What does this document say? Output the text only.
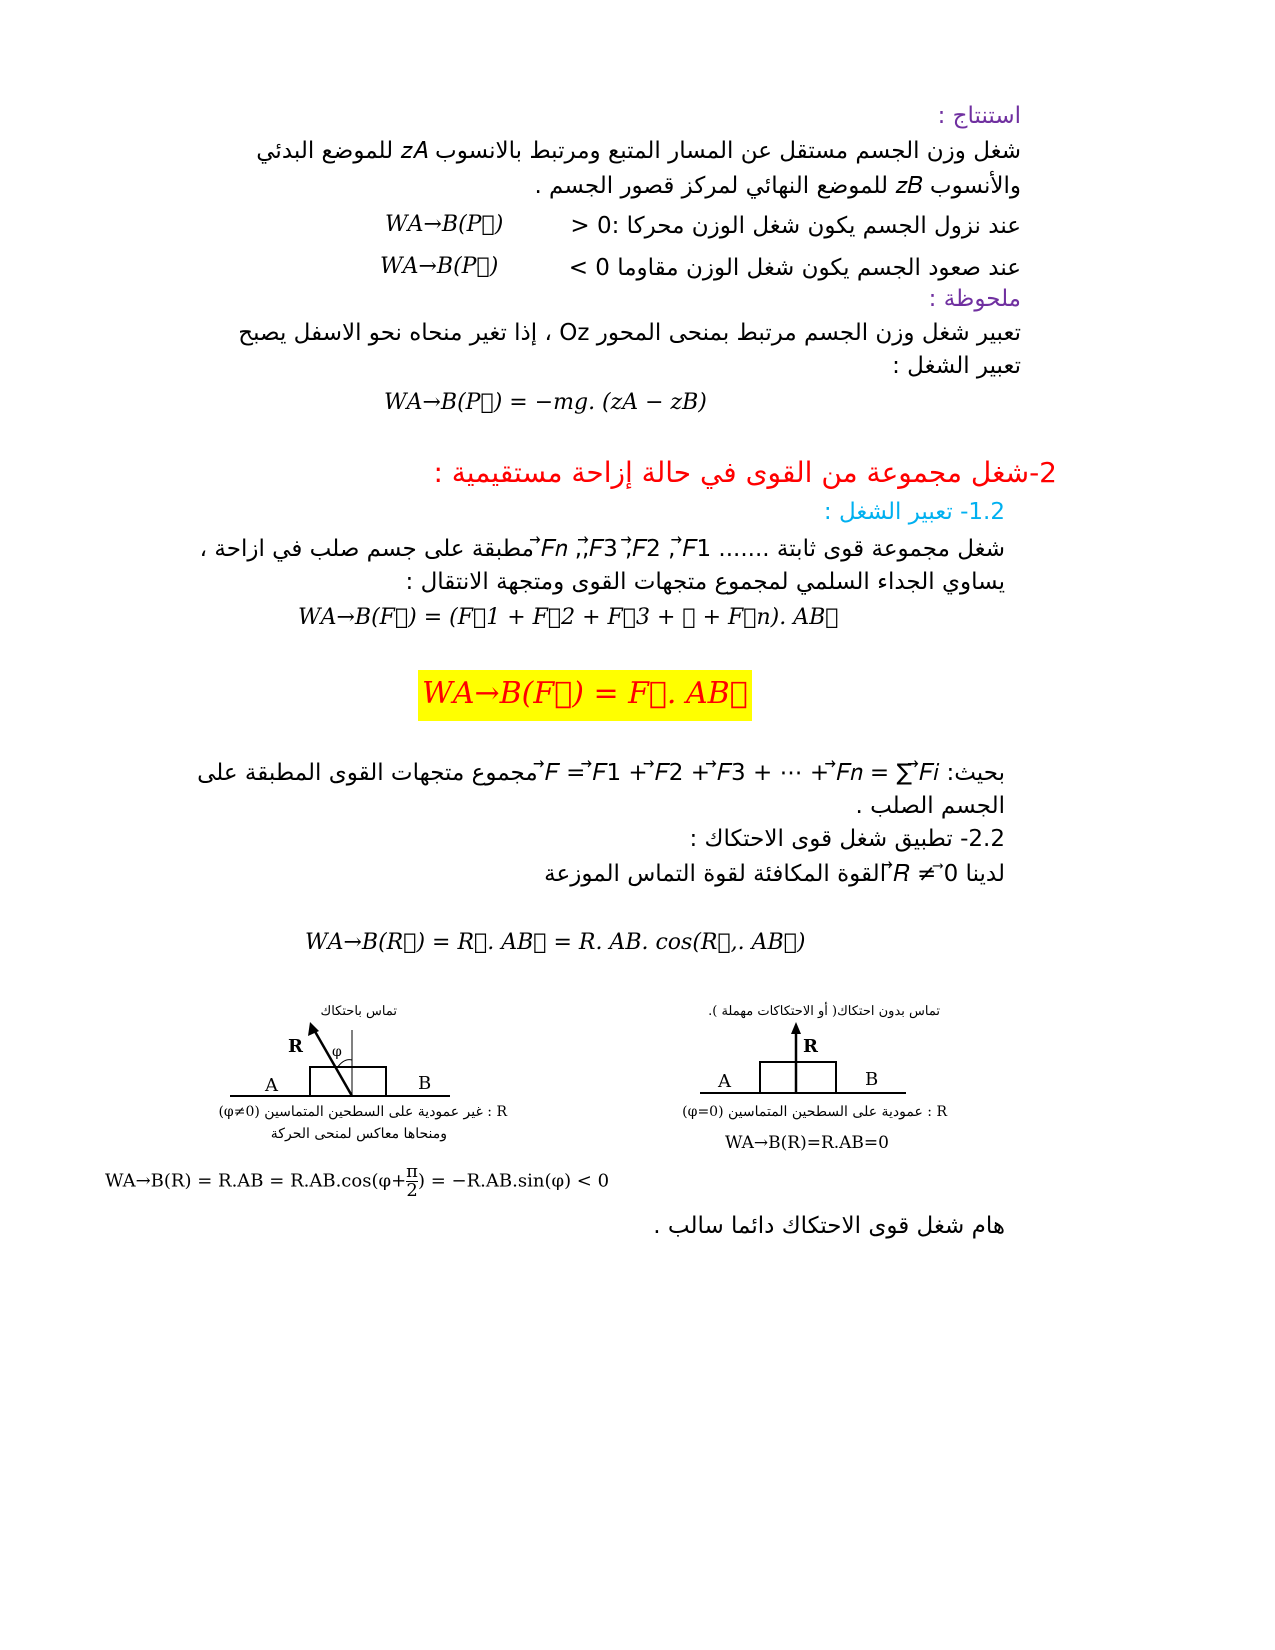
استنتاج :
شغل وزن الجسم مستقل عن المسار المتبع ومرتبط بالانسوب 𝑧𝐴 للموضع البدئي
والأنسوب 𝑧𝐵 للموضع النهائي لمركز قصور الجسم .
عند نزول الجسم يكون شغل الوزن محركا :0 <
𝑊𝐴→𝐵(𝑃⃗)
عند صعود الجسم يكون شغل الوزن مقاوما 0 >
𝑊𝐴→𝐵(𝑃⃗)
ملحوظة :
تعبير شغل وزن الجسم مرتبط بمنحى المحور Oz ، إذا تغير منحاه نحو الاسفل يصبح
تعبير الشغل :
𝑊𝐴→𝐵(𝑃⃗) = −𝑚𝑔. (𝑧𝐴 − 𝑧𝐵)
2-شغل مجموعة من القوى في حالة إزاحة مستقيمية :
1.2- تعبير الشغل :
شغل مجموعة قوى ثابتة ....... 𝐹⃗𝑛 ,,𝐹⃗3 ,𝐹⃗2 , 𝐹⃗1 مطبقة على جسم صلب في ازاحة ،
يساوي الجداء السلمي لمجموع متجهات القوى ومتجهة الانتقال :
𝑊𝐴→𝐵(𝐹⃗) = (𝐹⃗1 + 𝐹⃗2 + 𝐹⃗3 + ⋯ + 𝐹⃗𝑛). 𝐴𝐵⃗
𝑊𝐴→𝐵(𝐹⃗) = 𝐹⃗. 𝐴𝐵⃗
بحيث: 𝐹⃗ = 𝐹⃗1 + 𝐹⃗2 + 𝐹⃗3 + ⋯ + 𝐹⃗𝑛 = ∑ 𝐹⃗𝑖 مجموع متجهات القوى المطبقة على
الجسم الصلب .
2.2- تطبيق شغل قوى الاحتكاك :
لدينا 𝑅⃗ ≠ 0⃗ القوة المكافئة لقوة التماس الموزعة
𝑊𝐴→𝐵(𝑅⃗) = 𝑅⃗. 𝐴𝐵⃗ = 𝑅. 𝐴𝐵. cos(𝑅⃗,. 𝐴𝐵⃗)
تماس باحتكاك
R φ
A	B
R : غير عمودية على السطحين المتماسين (φ≠0)
ومنحاها معاكس لمنحى الحركة
$WA\to B(R) = R.AB = R.AB.\cos(\varphi+ \frac{\pi}{2}$ ) = −R.AB.sin(φ) < 0
تماس بدون احتكاك( أو الاحتكاكات مهملة ).
R
A	B
R : عمودية على السطحين المتماسين (φ=0)
WA→B(R)=R.AB=0
هام شغل قوى الاحتكاك دائما سالب .
